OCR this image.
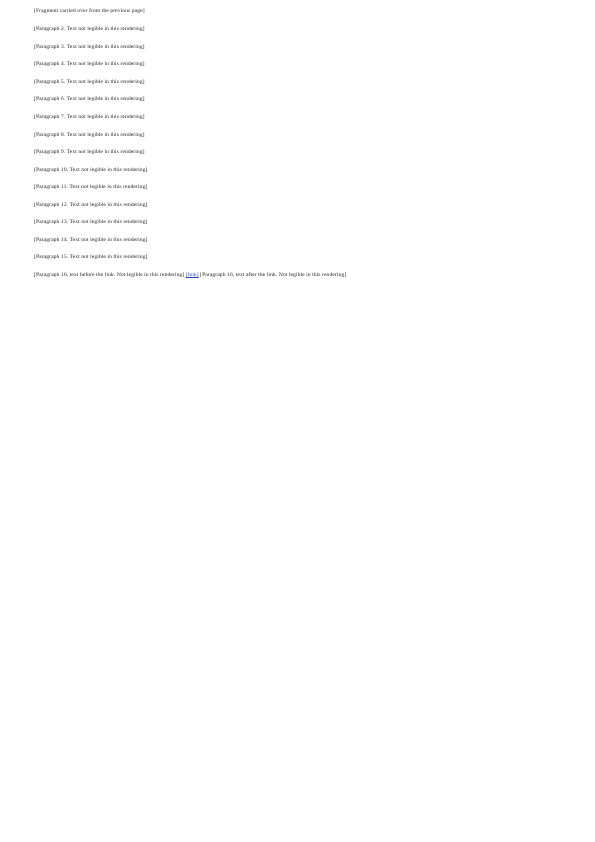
[Fragment carried over from the previous page]

[Paragraph 2. Text not legible in this rendering]

[Paragraph 3. Text not legible in this rendering]

[Paragraph 4. Text not legible in this rendering]

[Paragraph 5. Text not legible in this rendering]

[Paragraph 6. Text not legible in this rendering]

[Paragraph 7. Text not legible in this rendering]

[Paragraph 8. Text not legible in this rendering]

[Paragraph 9. Text not legible in this rendering]

[Paragraph 10. Text not legible in this rendering]

[Paragraph 11. Text not legible in this rendering]

[Paragraph 12. Text not legible in this rendering]

[Paragraph 13. Text not legible in this rendering]

[Paragraph 14. Text not legible in this rendering]

[Paragraph 15. Text not legible in this rendering]

[Paragraph 16, text before the link. Not legible in this rendering] [link] [Paragraph 16, text after the link. Not legible in this rendering]
